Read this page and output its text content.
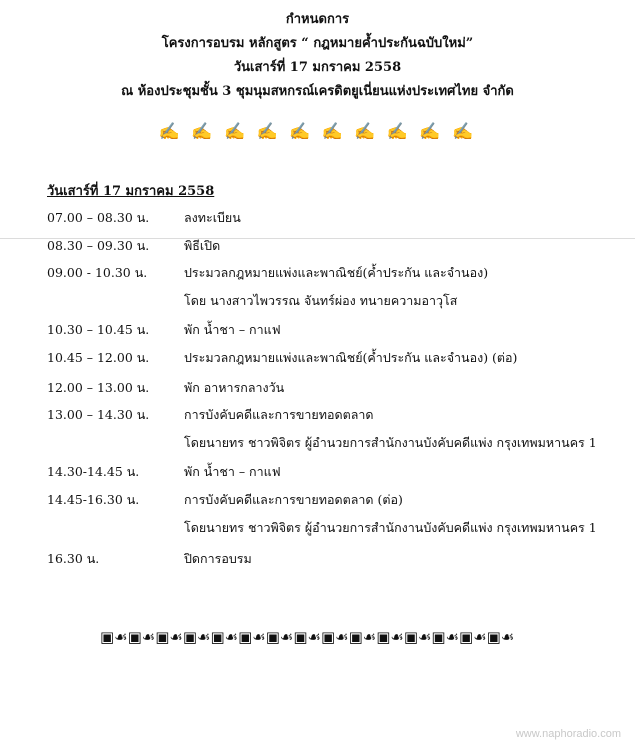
กำหนดการ
โครงการอบรม หลักสูตร “ กฎหมายค้ำประกันฉบับใหม่”
วันเสาร์ที่ 17 มกราคม 2558
ณ ห้องประชุมชั้น 3 ชุมนุมสหกรณ์เครดิตยูเนี่ยนแห่งประเทศไทย จำกัด
✍ ✍ ✍ ✍ ✍ ✍ ✍ ✍ ✍ ✍
วันเสาร์ที่ 17 มกราคม 2558
07.00 – 08.30 น.	ลงทะเบียน
08.30 – 09.30 น.	พิธีเปิด
09.00 - 10.30 น.	ประมวลกฎหมายแพ่งและพาณิชย์(ค้ำประกัน และจำนอง)
โดย นางสาวไพวรรณ จันทร์ผ่อง ทนายความอาวุโส
10.30 – 10.45 น.	พัก น้ำชา – กาแฟ
10.45 – 12.00 น.	ประมวลกฎหมายแพ่งและพาณิชย์(ค้ำประกัน และจำนอง) (ต่อ)
12.00 – 13.00 น.	พัก อาหารกลางวัน
13.00 – 14.30 น.	การบังคับคดีและการขายทอดตลาด
โดยนายทร ชาวพิจิตร ผู้อำนวยการสำนักงานบังคับคดีแพ่ง กรุงเทพมหานคร 1
14.30-14.45 น.	พัก น้ำชา – กาแฟ
14.45-16.30 น.	การบังคับคดีและการขายทอดตลาด (ต่อ)
โดยนายทร ชาวพิจิตร ผู้อำนวยการสำนักงานบังคับคดีแพ่ง กรุงเทพมหานคร 1
16.30 น.	ปิดการอบรม
▣☙▣☙▣☙▣☙▣☙▣☙▣☙▣☙▣☙▣☙▣☙▣☙▣☙▣☙▣☙
www.naphoradio.com
